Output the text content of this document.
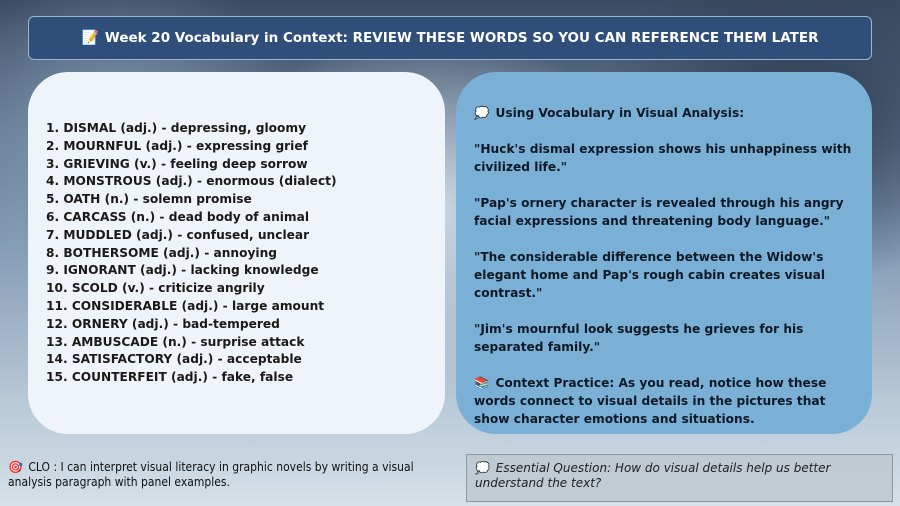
📝 Week 20 Vocabulary in Context: REVIEW THESE WORDS SO YOU CAN REFERENCE THEM LATER
1. DISMAL (adj.) - depressing, gloomy
2. MOURNFUL (adj.) - expressing grief
3. GRIEVING (v.) - feeling deep sorrow
4. MONSTROUS (adj.) - enormous (dialect)
5. OATH (n.) - solemn promise
6. CARCASS (n.) - dead body of animal
7. MUDDLED (adj.) - confused, unclear
8. BOTHERSOME (adj.) - annoying
9. IGNORANT (adj.) - lacking knowledge
10. SCOLD (v.) - criticize angrily
11. CONSIDERABLE (adj.) - large amount
12. ORNERY (adj.) - bad-tempered
13. AMBUSCADE (n.) - surprise attack
14. SATISFACTORY (adj.) - acceptable
15. COUNTERFEIT (adj.) - fake, false

💭 Using Vocabulary in Visual Analysis:

"Huck's dismal expression shows his unhappiness with civilized life."

"Pap's ornery character is revealed through his angry facial expressions and threatening body language."

"The considerable difference between the Widow's elegant home and Pap's rough cabin creates visual contrast."

"Jim's mournful look suggests he grieves for his separated family."

📚 Context Practice: As you read, notice how these words connect to visual details in the pictures that show character emotions and situations.

🎯 CLO : I can interpret visual literacy in graphic novels by writing a visual analysis paragraph with panel examples.
💭 Essential Question: How do visual details help us better understand the text?
